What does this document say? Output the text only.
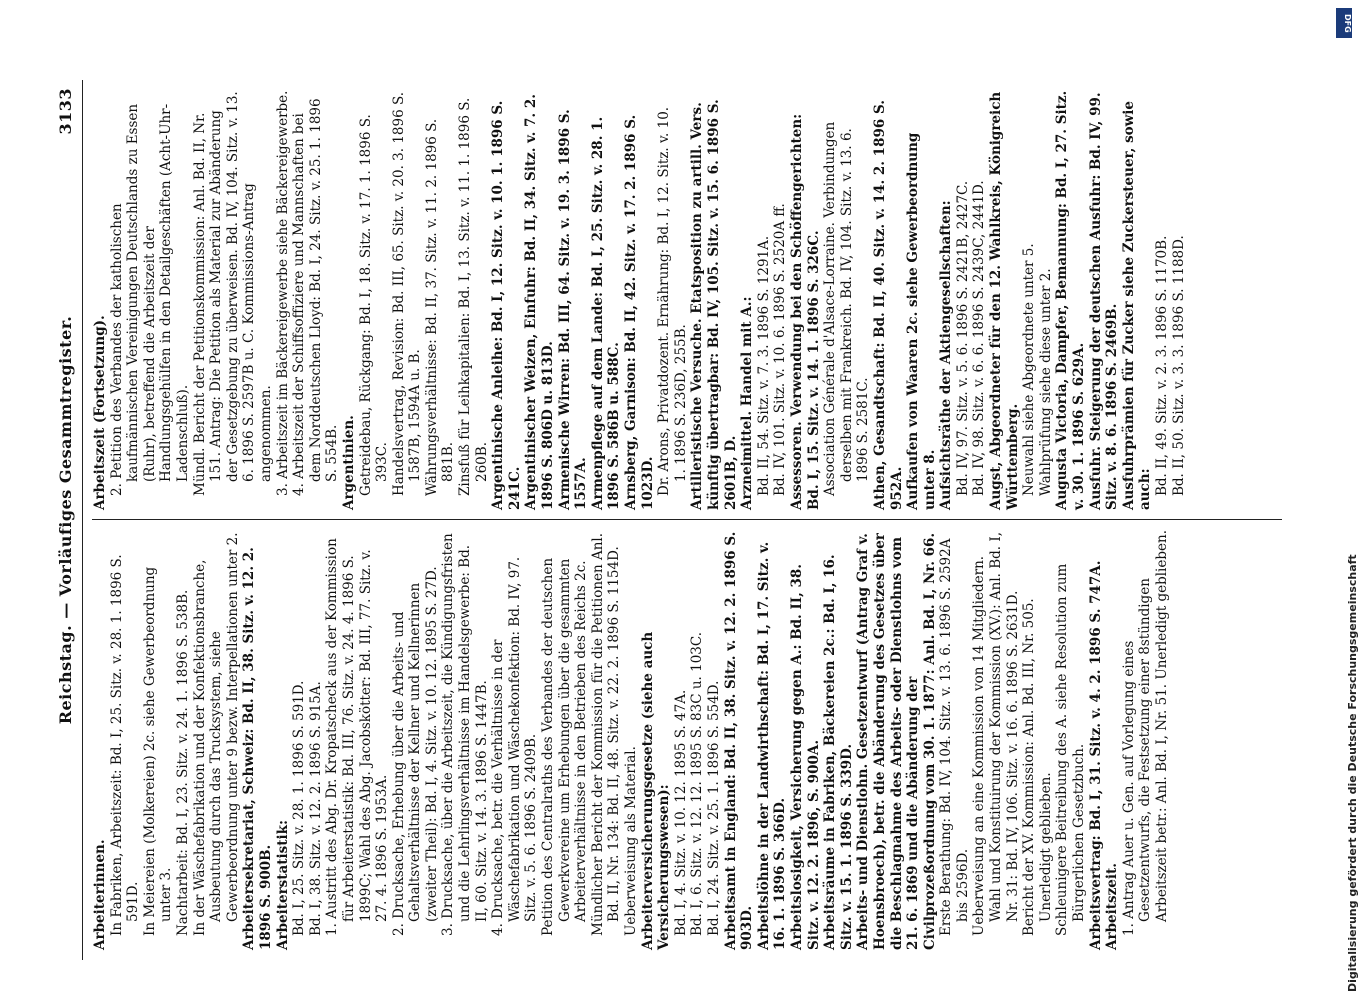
Reichstag. — Vorläufiges Gesammtregister.
3133

Arbeiterinnen. In Fabriken, Arbeitszeit: Bd. I, 25. Sitz. v. 28. 1. 1896 S. 591D. In Meiereien (Molkereien) 2c. siehe Gewerbeordnung unter 3. Nachtarbeit: Bd. I, 23. Sitz. v. 24. 1. 1896 S. 538B. In der Wäschefabrikation und der Konfektionsbranche, Ausbeutung durch das Trucksystem, siehe Gewerbeordnung unter 9 bezw. Interpellationen unter 2. Arbeitersekretariat, Schweiz: Bd. II, 38. Sitz. v. 12. 2. 1896 S. 900B. Arbeiterstatistik: Bd. I, 25. Sitz. v. 28. 1. 1896 S. 591D. Bd. I, 38. Sitz. v. 12. 2. 1896 S. 915A. 1. Austritt des Abg. Dr. Kropatscheck aus der Kommission für Arbeiterstatistik: Bd. III, 76. Sitz. v. 24. 4. 1896 S. 1899C; Wahl des Abg. Jacobskötter: Bd. III, 77. Sitz. v. 27. 4. 1896 S. 1953A. 2. Drucksache, Erhebung über die Arbeits- und Gehaltsverhältnisse der Kellner und Kellnerinnen (zweiter Theil): Bd. I, 4. Sitz. v. 10. 12. 1895 S. 27D. 3. Drucksache, über die Arbeitszeit, die Kündigungsfristen und die Lehrlingsverhältnisse im Handelsgewerbe: Bd. II, 60. Sitz. v. 14. 3. 1896 S. 1447B. 4. Drucksache, betr. die Verhältnisse in der Wäschefabrikation und Wäschekonfektion: Bd. IV, 97. Sitz. v. 5. 6. 1896 S. 2409B. Petition des Centralraths des Verbandes der deutschen Gewerkvereine um Erhebungen über die gesammten Arbeiterverhältnisse in den Betrieben des Reichs 2c. Mündlicher Bericht der Kommission für die Petitionen Anl. Bd. II, Nr. 134: Bd. II, 48. Sitz. v. 22. 2. 1896 S. 1154D. Ueberweisung als Material. Arbeiterversicherungsgesetze (siehe auch Versicherungswesen): Bd. I, 4. Sitz. v. 10. 12. 1895 S. 47A. Bd. I, 6. Sitz. v. 12. 12. 1895 S. 83C u. 103C. Bd. I, 24. Sitz. v. 25. 1. 1896 S. 554D. Arbeitsamt in England: Bd. II, 38. Sitz. v. 12. 2. 1896 S. 903D. Arbeitslöhne in der Landwirthschaft: Bd. I, 17. Sitz. v. 16. 1. 1896 S. 366D. Arbeitslosigkeit, Versicherung gegen A.: Bd. II, 38. Sitz. v. 12. 2. 1896, S. 900A. Arbeitsräume in Fabriken, Bäckereien 2c.: Bd. I, 16. Sitz. v. 15. 1. 1896 S. 339D. Arbeits- und Dienstlohn. Gesetzentwurf (Antrag Graf v. Hoensbroech), betr. die Abänderung des Gesetzes über die Beschlagnahme des Arbeits- oder Dienstlohns vom 21. 6. 1869 und die Abänderung der Civilprozeßordnung vom 30. 1. 1877: Anl. Bd. I, Nr. 66. Erste Berathung: Bd. IV, 104. Sitz. v. 13. 6. 1896 S. 2592A bis 2596D. Ueberweisung an eine Kommission von 14 Mitgliedern. Wahl und Konstituirung der Kommission (XV.): Anl. Bd. I, Nr. 31: Bd. IV, 106. Sitz. v. 16. 6. 1896 S. 2631D. Bericht der XV. Kommission: Anl. Bd. III, Nr. 505. Unerledigt geblieben. Schleunigere Beitreibung des A. siehe Resolution zum Bürgerlichen Gesetzbuch. Arbeitsvertrag: Bd. I, 31. Sitz. v. 4. 2. 1896 S. 747A. Arbeitszeit. 1. Antrag Auer u. Gen. auf Vorlegung eines Gesetzentwurfs, die Festsetzung einer 8stündigen Arbeitszeit betr.: Anl. Bd. I, Nr. 51. Unerledigt geblieben.

Arbeitszeit (Fortsetzung). 2. Petition des Verbandes der katholischen kaufmännischen Vereinigungen Deutschlands zu Essen (Ruhr), betreffend die Arbeitszeit der Handlungsgehülfen in den Detailgeschäften (Acht-Uhr-Ladenschluß). Mündl. Bericht der Petitionskommission: Anl. Bd. II, Nr. 151. Antrag: Die Petition als Material zur Abänderung der Gesetzgebung zu überweisen. Bd. IV, 104. Sitz. v. 13. 6. 1896 S. 2597B u. C. Kommissions-Antrag angenommen. 3. Arbeitszeit im Bäckereigewerbe siehe Bäckereigewerbe. 4. Arbeitszeit der Schiffsoffiziere und Mannschaften bei dem Norddeutschen Lloyd: Bd. I, 24. Sitz. v. 25. 1. 1896 S. 554B. Argentinien. Getreidebau, Rückgang: Bd. I, 18. Sitz. v. 17. 1. 1896 S. 393C. Handelsvertrag, Revision: Bd. III, 65. Sitz. v. 20. 3. 1896 S. 1587B, 1594A u. B. Währungsverhältnisse: Bd. II, 37. Sitz. v. 11. 2. 1896 S. 881B. Zinsfuß für Leihkapitalien: Bd. I, 13. Sitz. v. 11. 1. 1896 S. 260B. Argentinische Anleihe: Bd. I, 12. Sitz. v. 10. 1. 1896 S. 241C. Argentinischer Weizen, Einfuhr: Bd. II, 34. Sitz. v. 7. 2. 1896 S. 806D u. 813D. Armenische Wirren: Bd. III, 64. Sitz. v. 19. 3. 1896 S. 1557A. Armenpflege auf dem Lande: Bd. I, 25. Sitz. v. 28. 1. 1896 S. 586B u. 588C. Arnsberg, Garnison: Bd. II, 42. Sitz. v. 17. 2. 1896 S. 1023D. Dr. Arons, Privatdozent. Ernährung: Bd. I, 12. Sitz. v. 10. 1. 1896 S. 236D, 255B. Artilleristische Versuche. Etatsposition zu artill. Vers. künftig übertragbar: Bd. IV, 105. Sitz. v. 15. 6. 1896 S. 2601B, D. Arzneimittel. Handel mit A.: Bd. II, 54. Sitz. v. 7. 3. 1896 S. 1291A. Bd. IV, 101. Sitz. v. 10. 6. 1896 S. 2520A ff. Assessoren. Verwendung bei den Schöffengerichten: Bd. I, 15. Sitz. v. 14. 1. 1896 S. 326C. Association Générale d'Alsace-Lorraine. Verbindungen derselben mit Frankreich. Bd. IV, 104. Sitz. v. 13. 6. 1896 S. 2581C. Athen, Gesandtschaft: Bd. II, 40. Sitz. v. 14. 2. 1896 S. 952A. Aufkaufen von Waaren 2c. siehe Gewerbeordnung unter 8. Aufsichtsräthe der Aktiengesellschaften: Bd. IV, 97. Sitz. v. 5. 6. 1896 S. 2421B, 2427C. Bd. IV, 98. Sitz. v. 6. 6. 1896 S. 2439C, 2441D. Augst, Abgeordneter für den 12. Wahlkreis, Königreich Württemberg. Neuwahl siehe Abgeordnete unter 5. Wahlprüfung siehe diese unter 2. Augusta Victoria, Dampfer, Bemannung: Bd. I, 27. Sitz. v. 30. 1. 1896 S. 629A. Ausfuhr. Steigerung der deutschen Ausfuhr: Bd. IV, 99. Sitz. v. 8. 6. 1896 S. 2469B. Ausfuhrprämien für Zucker siehe Zuckersteuer, sowie auch: Bd. II, 49. Sitz. v. 2. 3. 1896 S. 1170B. Bd. II, 50. Sitz. v. 3. 3. 1896 S. 1188D.

DFG
Digitalisierung gefördert durch die Deutsche Forschungsgemeinschaft
